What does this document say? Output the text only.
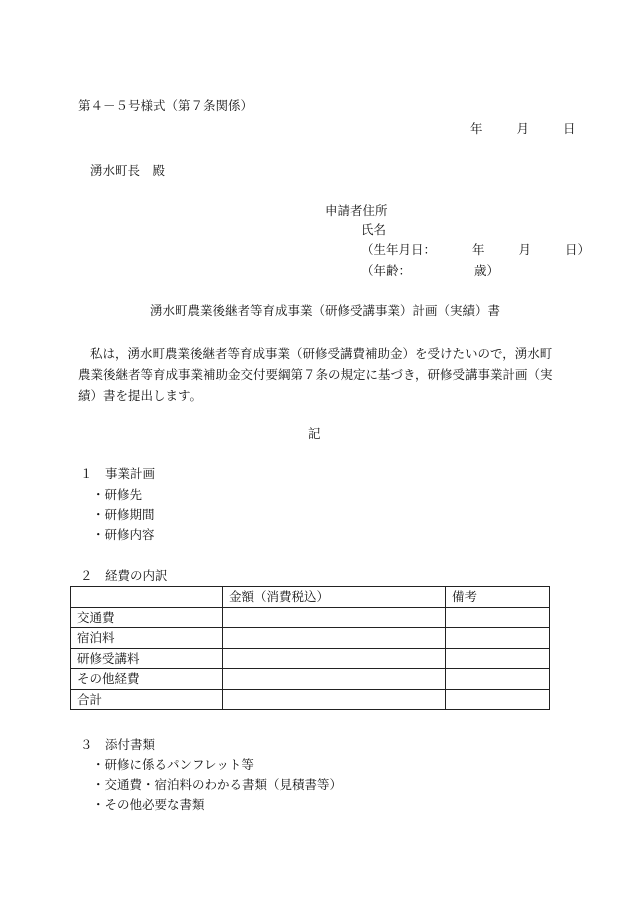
第４－５号様式（第７条関係）
年	月	日
湧水町長　殿
申請者住所
氏名
（生年月日：	年	月	日）
（年齢：	歳）
湧水町農業後継者等育成事業（研修受講事業）計画（実績）書
私は，湧水町農業後継者等育成事業（研修受講費補助金）を受けたいので，湧水町農業後継者等育成事業補助金交付要綱第７条の規定に基づき，研修受講事業計画（実績）書を提出します。
記
１　事業計画
・研修先
・研修期間
・研修内容
２　経費の内訳
	金額（消費税込）	備考
交通費		
宿泊料		
研修受講料		
その他経費		
合計		
３　添付書類
・研修に係るパンフレット等
・交通費・宿泊料のわかる書類（見積書等）
・その他必要な書類
